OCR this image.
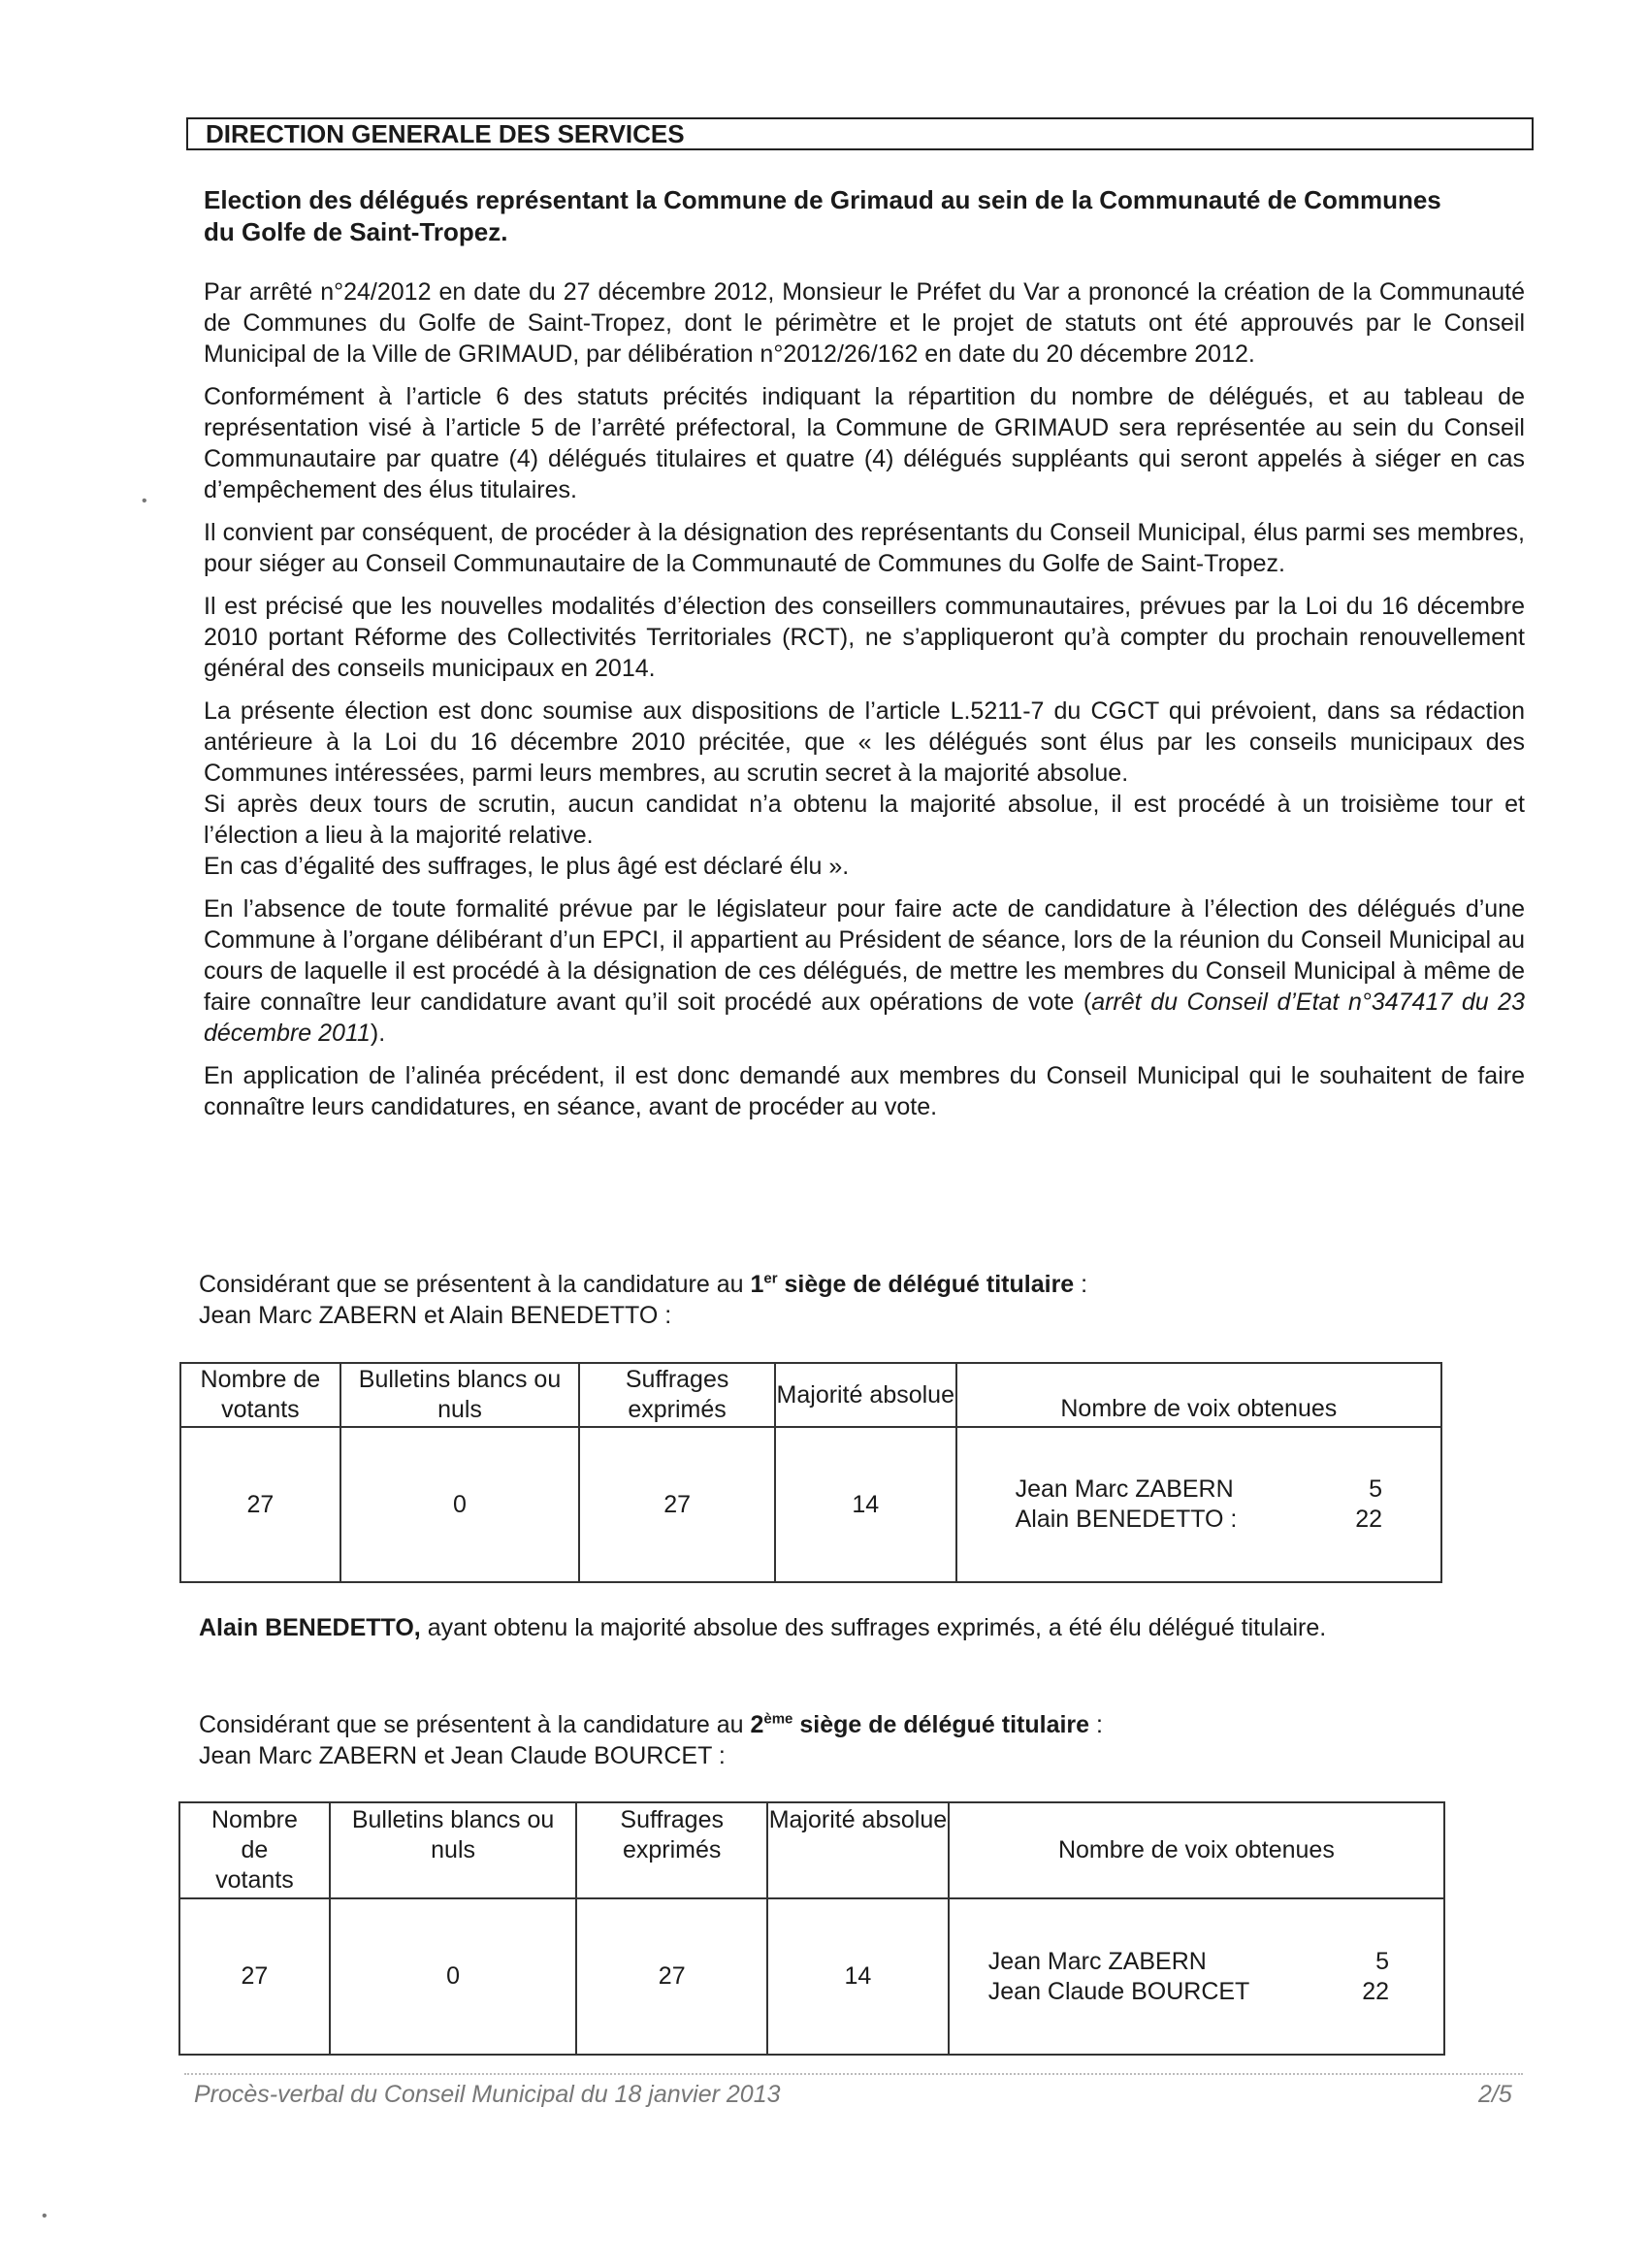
DIRECTION GENERALE DES SERVICES
Election des délégués représentant la Commune de Grimaud au sein de la Communauté de Communes du Golfe de Saint-Tropez.

Par arrêté n°24/2012 en date du 27 décembre 2012, Monsieur le Préfet du Var a prononcé la création de la Communauté de Communes du Golfe de Saint-Tropez, dont le périmètre et le projet de statuts ont été approuvés par le Conseil Municipal de la Ville de GRIMAUD, par délibération n°2012/26/162 en date du 20 décembre 2012.

Conformément à l’article 6 des statuts précités indiquant la répartition du nombre de délégués, et au tableau de représentation visé à l’article 5 de l’arrêté préfectoral, la Commune de GRIMAUD sera représentée au sein du Conseil Communautaire par quatre (4) délégués titulaires et quatre (4) délégués suppléants qui seront appelés à siéger en cas d’empêchement des élus titulaires.

Il convient par conséquent, de procéder à la désignation des représentants du Conseil Municipal, élus parmi ses membres, pour siéger au Conseil Communautaire de la Communauté de Communes du Golfe de Saint-Tropez.

Il est précisé que les nouvelles modalités d’élection des conseillers communautaires, prévues par la Loi du 16 décembre 2010 portant Réforme des Collectivités Territoriales (RCT), ne s’appliqueront qu’à compter du prochain renouvellement général des conseils municipaux en 2014.

La présente élection est donc soumise aux dispositions de l’article L.5211-7 du CGCT qui prévoient, dans sa rédaction antérieure à la Loi du 16 décembre 2010 précitée, que « les délégués sont élus par les conseils municipaux des Communes intéressées, parmi leurs membres, au scrutin secret à la majorité absolue.

Si après deux tours de scrutin, aucun candidat n’a obtenu la majorité absolue, il est procédé à un troisième tour et l’élection a lieu à la majorité relative.

En cas d’égalité des suffrages, le plus âgé est déclaré élu ».

En l’absence de toute formalité prévue par le législateur pour faire acte de candidature à l’élection des délégués d’une Commune à l’organe délibérant d’un EPCI, il appartient au Président de séance, lors de la réunion du Conseil Municipal au cours de laquelle il est procédé à la désignation de ces délégués, de mettre les membres du Conseil Municipal à même de faire connaître leur candidature avant qu’il soit procédé aux opérations de vote (arrêt du Conseil d’Etat n°347417 du 23 décembre 2011).

En application de l’alinéa précédent, il est donc demandé aux membres du Conseil Municipal qui le souhaitent de faire connaître leurs candidatures, en séance, avant de procéder au vote.

Considérant que se présentent à la candidature au 1er siège de délégué titulaire :
Jean Marc ZABERN et Alain BENEDETTO :
Nombre de votants	Bulletins blancs ou nuls	Suffrages exprimés	Majorité absolue	Nombre de voix obtenues
27	0	27	14	
Jean Marc ZABERN	5
Alain BENEDETTO :	22
Alain BENEDETTO, ayant obtenu la majorité absolue des suffrages exprimés, a été élu délégué titulaire.
Considérant que se présentent à la candidature au 2ème siège de délégué titulaire :
Jean Marc ZABERN et Jean Claude BOURCET :
Nombre de votants	Bulletins blancs ou nuls	Suffrages exprimés	Majorité absolue	Nombre de voix obtenues
27	0	27	14	
Jean Marc ZABERN	5
Jean Claude BOURCET	22
Procès-verbal du Conseil Municipal du 18 janvier 2013	2/5
•
•
